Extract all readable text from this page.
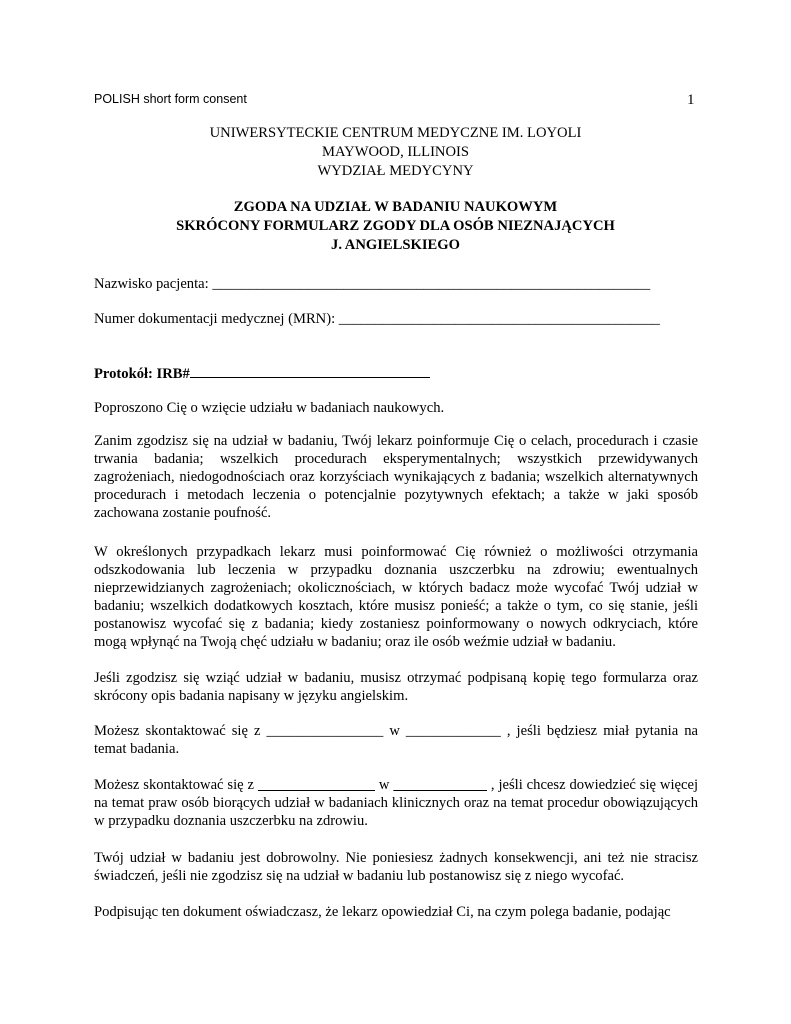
POLISH short form consent	1
UNIWERSYTECKIE CENTRUM MEDYCZNE IM. LOYOLI
MAYWOOD, ILLINOIS
WYDZIAŁ MEDYCYNY
ZGODA NA UDZIAŁ W BADANIU NAUKOWYM
SKRÓCONY FORMULARZ ZGODY DLA OSÓB NIEZNAJĄCYCH
J. ANGIELSKIEGO
Nazwisko pacjenta: ____________________________________________________________
Numer dokumentacji medycznej (MRN): ____________________________________________
Protokół: IRB#

Poproszono Cię o wzięcie udziału w badaniach naukowych.

Zanim zgodzisz się na udział w badaniu, Twój lekarz poinformuje Cię o celach, procedurach i czasie trwania badania; wszelkich procedurach eksperymentalnych; wszystkich przewidywanych zagrożeniach, niedogodnościach oraz korzyściach wynikających z badania; wszelkich alternatywnych procedurach i metodach leczenia o potencjalnie pozytywnych efektach; a także w jaki sposób zachowana zostanie poufność.

W określonych przypadkach lekarz musi poinformować Cię również o możliwości otrzymania odszkodowania lub leczenia w przypadku doznania uszczerbku na zdrowiu; ewentualnych nieprzewidzianych zagrożeniach; okolicznościach, w których badacz może wycofać Twój udział w badaniu; wszelkich dodatkowych kosztach, które musisz ponieść; a także o tym, co się stanie, jeśli postanowisz wycofać się z badania; kiedy zostaniesz poinformowany o nowych odkryciach, które mogą wpłynąć na Twoją chęć udziału w badaniu; oraz ile osób weźmie udział w badaniu.

Jeśli zgodzisz się wziąć udział w badaniu, musisz otrzymać podpisaną kopię tego formularza oraz skrócony opis badania napisany w języku angielskim.

Możesz skontaktować się z ________________ w _____________ , jeśli będziesz miał pytania na temat badania.

Możesz skontaktować się z	w	, jeśli chcesz dowiedzieć się więcej na temat praw osób biorących udział w badaniach klinicznych oraz na temat procedur obowiązujących w przypadku doznania uszczerbku na zdrowiu.

Twój udział w badaniu jest dobrowolny. Nie poniesiesz żadnych konsekwencji, ani też nie stracisz świadczeń, jeśli nie zgodzisz się na udział w badaniu lub postanowisz się z niego wycofać.

Podpisując ten dokument oświadczasz, że lekarz opowiedział Ci, na czym polega badanie, podając
